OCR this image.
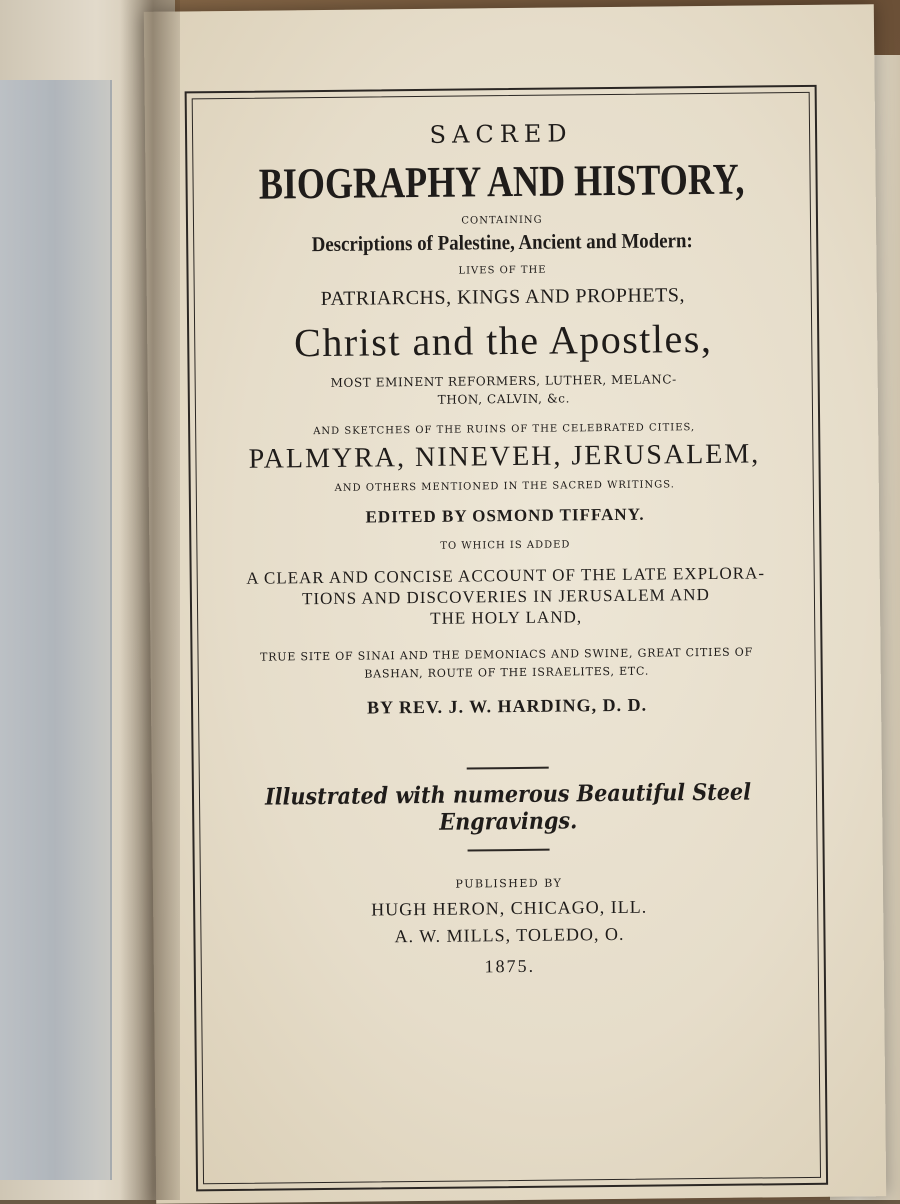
SACRED
BIOGRAPHY AND HISTORY,
CONTAINING
Descriptions of Palestine, Ancient and Modern:
LIVES OF THE
PATRIARCHS, KINGS AND PROPHETS,
Christ and the Apostles,
MOST EMINENT REFORMERS, LUTHER, MELANC-
THON, CALVIN, &c.
AND SKETCHES OF THE RUINS OF THE CELEBRATED CITIES,
PALMYRA, NINEVEH, JERUSALEM,
AND OTHERS MENTIONED IN THE SACRED WRITINGS.
EDITED BY OSMOND TIFFANY.
TO WHICH IS ADDED
A CLEAR AND CONCISE ACCOUNT OF THE LATE EXPLORA-
TIONS AND DISCOVERIES IN JERUSALEM AND
THE HOLY LAND,
TRUE SITE OF SINAI AND THE DEMONIACS AND SWINE, GREAT CITIES OF
BASHAN, ROUTE OF THE ISRAELITES, ETC.
BY REV. J. W. HARDING, D. D.
Illustrated with numerous Beautiful Steel Engravings.
PUBLISHED BY
HUGH HERON, CHICAGO, ILL.
A. W. MILLS, TOLEDO, O.
1875.
